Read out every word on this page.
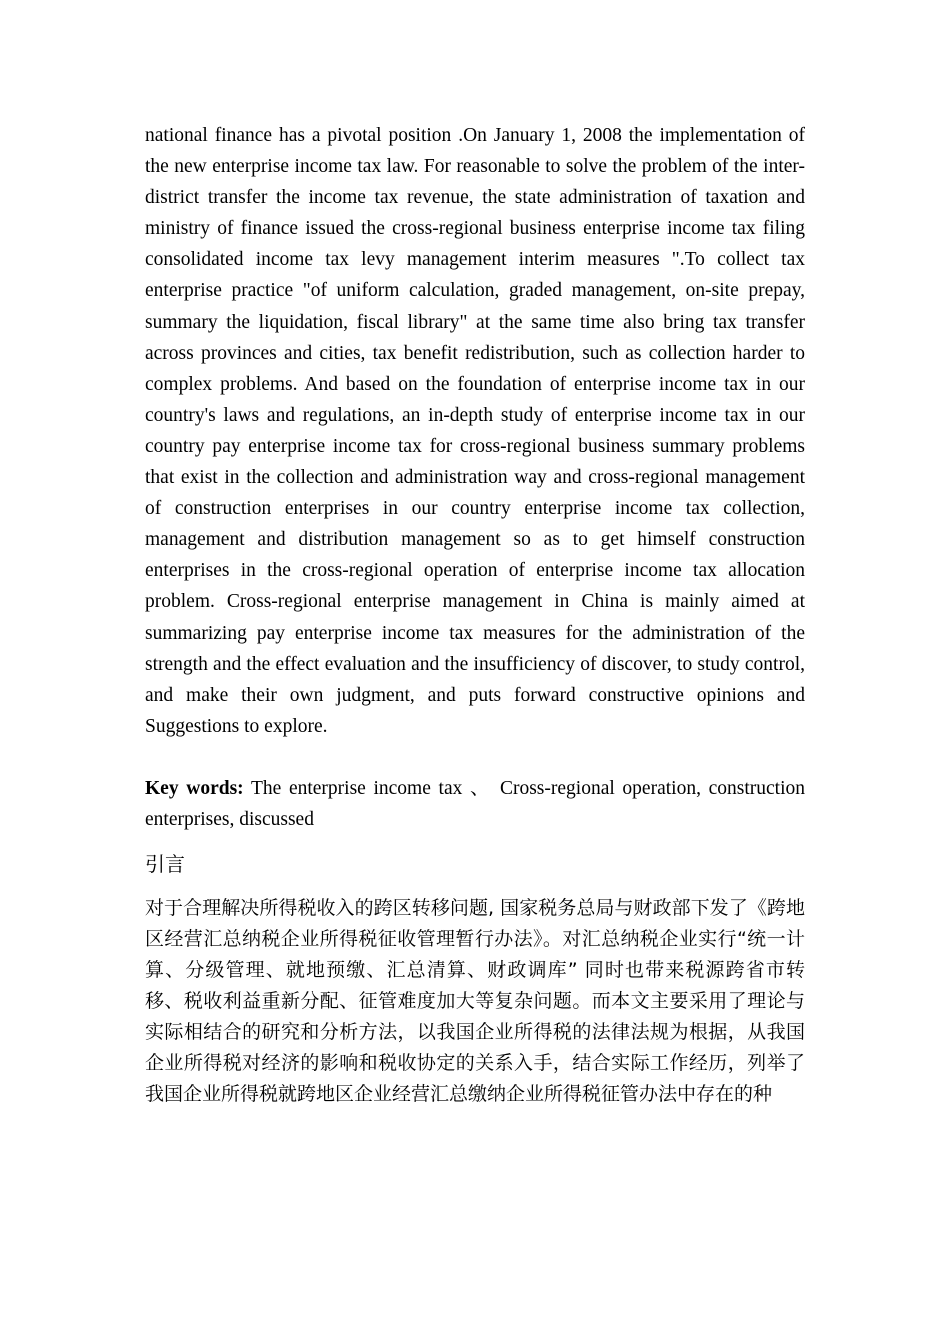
national finance has a pivotal position .On January 1, 2008 the implementation of the new enterprise income tax law. For reasonable to solve the problem of the inter-district transfer the income tax revenue, the state administration of taxation and ministry of finance issued the cross-regional business enterprise income tax filing consolidated income tax levy management interim measures ".To collect tax enterprise practice "of uniform calculation, graded management, on-site prepay, summary the liquidation, fiscal library" at the same time also bring tax transfer across provinces and cities, tax benefit redistribution, such as collection harder to complex problems. And based on the foundation of enterprise income tax in our country's laws and regulations, an in-depth study of enterprise income tax in our country pay enterprise income tax for cross-regional business summary problems that exist in the collection and administration way and cross-regional management of construction enterprises in our country enterprise income tax collection, management and distribution management so as to get himself construction enterprises in the cross-regional operation of enterprise income tax allocation problem. Cross-regional enterprise management in China is mainly aimed at summarizing pay enterprise income tax measures for the administration of the strength and the effect evaluation and the insufficiency of discover, to study control, and make their own judgment, and puts forward constructive opinions and Suggestions to explore.

Key words: The enterprise income tax 、 Cross-regional operation, construction enterprises, discussed

引言

对于合理解决所得税收入的跨区转移问题, 国家税务总局与财政部下发了《跨地区经营汇总纳税企业所得税征收管理暂行办法》。对汇总纳税企业实行“统一计算、分级管理、就地预缴、汇总清算、财政调库” 同时也带来税源跨省市转移、税收利益重新分配、征管难度加大等复杂问题。而本文主要采用了理论与实际相结合的研究和分析方法，以我国企业所得税的法律法规为根据，从我国企业所得税对经济的影响和税收协定的关系入手，结合实际工作经历，列举了我国企业所得税就跨地区企业经营汇总缴纳企业所得税征管办法中存在的种
